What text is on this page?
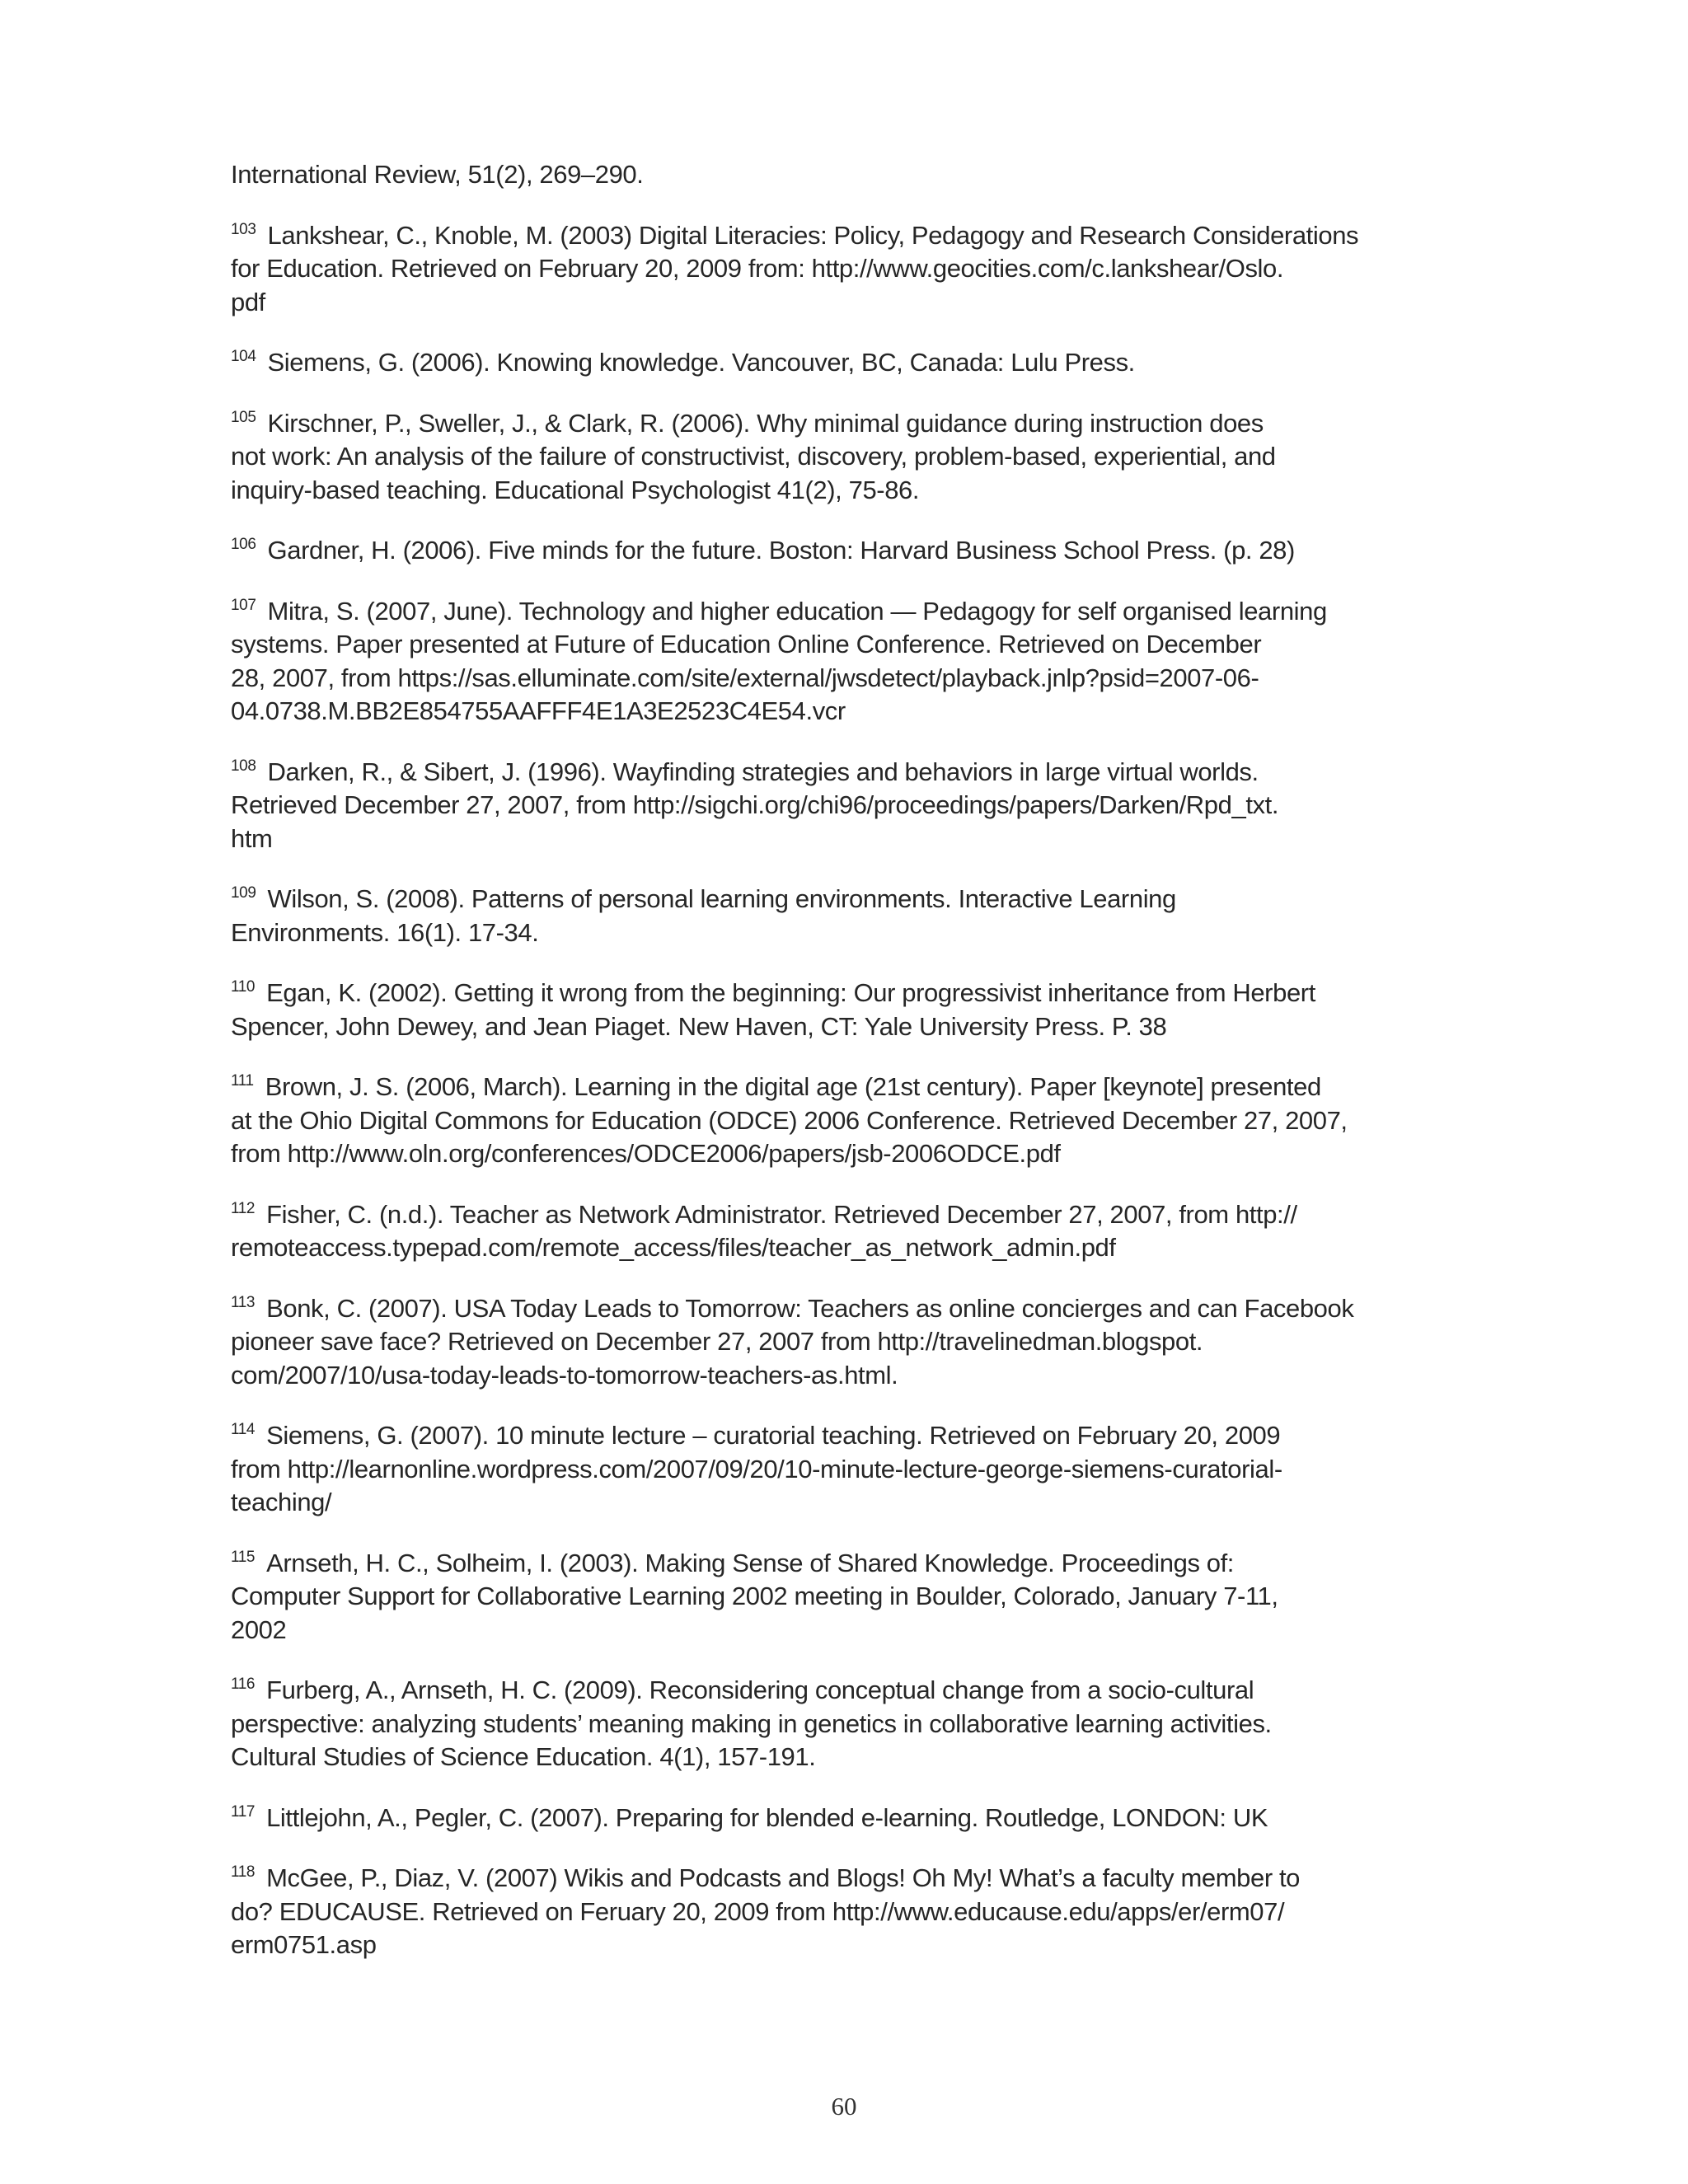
International Review, 51(2), 269–290.

$^{103}$ Lankshear, C., Knoble, M. (2003) Digital Literacies: Policy, Pedagogy and Research Considerations
for Education. Retrieved on February 20, 2009 from: http://www.geocities.com/c.lankshear/Oslo.
pdf

$^{104}$ Siemens, G. (2006). Knowing knowledge. Vancouver, BC, Canada: Lulu Press.

$^{105}$ Kirschner, P., Sweller, J., & Clark, R. (2006). Why minimal guidance during instruction does
not work: An analysis of the failure of constructivist, discovery, problem-based, experiential, and
inquiry-based teaching. Educational Psychologist 41(2), 75-86.

$^{106}$ Gardner, H. (2006). Five minds for the future. Boston: Harvard Business School Press. (p. 28)

$^{107}$ Mitra, S. (2007, June). Technology and higher education — Pedagogy for self organised learning
systems. Paper presented at Future of Education Online Conference. Retrieved on December
28, 2007, from https://sas.elluminate.com/site/external/jwsdetect/playback.jnlp?psid=2007-06-
04.0738.M.BB2E854755AAFFF4E1A3E2523C4E54.vcr

$^{108}$ Darken, R., & Sibert, J. (1996). Wayfinding strategies and behaviors in large virtual worlds.
Retrieved December 27, 2007, from http://sigchi.org/chi96/proceedings/papers/Darken/Rpd_txt.
htm

$^{109}$ Wilson, S. (2008). Patterns of personal learning environments. Interactive Learning
Environments. 16(1). 17-34.

$^{110}$ Egan, K. (2002). Getting it wrong from the beginning: Our progressivist inheritance from Herbert
Spencer, John Dewey, and Jean Piaget. New Haven, CT: Yale University Press. P. 38

$^{111}$ Brown, J. S. (2006, March). Learning in the digital age (21st century). Paper [keynote] presented
at the Ohio Digital Commons for Education (ODCE) 2006 Conference. Retrieved December 27, 2007,
from http://www.oln.org/conferences/ODCE2006/papers/jsb-2006ODCE.pdf

$^{112}$ Fisher, C. (n.d.). Teacher as Network Administrator. Retrieved December 27, 2007, from http://
remoteaccess.typepad.com/remote_access/files/teacher_as_network_admin.pdf

$^{113}$ Bonk, C. (2007). USA Today Leads to Tomorrow: Teachers as online concierges and can Facebook
pioneer save face? Retrieved on December 27, 2007 from http://travelinedman.blogspot.
com/2007/10/usa-today-leads-to-tomorrow-teachers-as.html.

$^{114}$ Siemens, G. (2007). 10 minute lecture – curatorial teaching. Retrieved on February 20, 2009
from http://learnonline.wordpress.com/2007/09/20/10-minute-lecture-george-siemens-curatorial-
teaching/

$^{115}$ Arnseth, H. C., Solheim, I. (2003). Making Sense of Shared Knowledge. Proceedings of:
Computer Support for Collaborative Learning 2002 meeting in Boulder, Colorado, January 7-11,
2002

$^{116}$ Furberg, A., Arnseth, H. C. (2009). Reconsidering conceptual change from a socio-cultural
perspective: analyzing students’ meaning making in genetics in collaborative learning activities.
Cultural Studies of Science Education. 4(1), 157-191.

$^{117}$ Littlejohn, A., Pegler, C. (2007). Preparing for blended e-learning. Routledge, LONDON: UK

$^{118}$ McGee, P., Diaz, V. (2007) Wikis and Podcasts and Blogs! Oh My! What’s a faculty member to
do? EDUCAUSE. Retrieved on Feruary 20, 2009 from http://www.educause.edu/apps/er/erm07/
erm0751.asp

60
